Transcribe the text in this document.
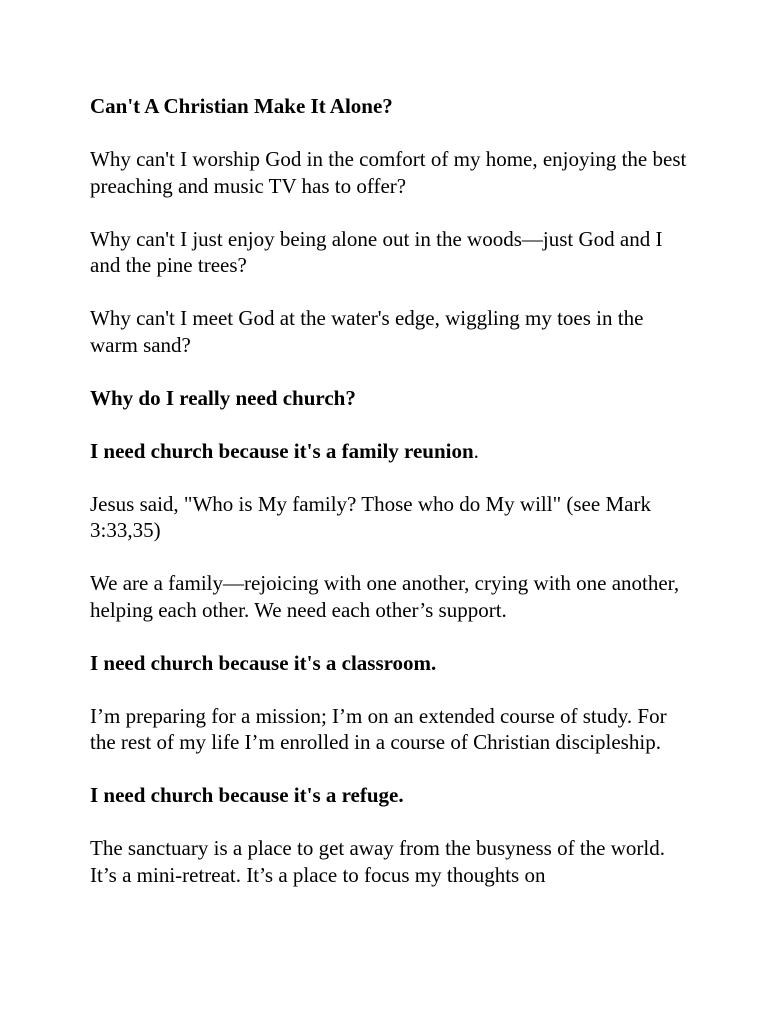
Can't A Christian Make It Alone?

Why can't I worship God in the comfort of my home, enjoying the best preaching and music TV has to offer?

Why can't I just enjoy being alone out in the woods—just God and I and the pine trees?

Why can't I meet God at the water's edge, wiggling my toes in the warm sand?

Why do I really need church?

I need church because it's a family reunion.

Jesus said, "Who is My family? Those who do My will" (see Mark 3:33,35)

We are a family—rejoicing with one another, crying with one another, helping each other. We need each other’s support.

I need church because it's a classroom.

I’m preparing for a mission; I’m on an extended course of study. For the rest of my life I’m enrolled in a course of Christian discipleship.

I need church because it's a refuge.

The sanctuary is a place to get away from the busyness of the world. It’s a mini-retreat. It’s a place to focus my thoughts on
